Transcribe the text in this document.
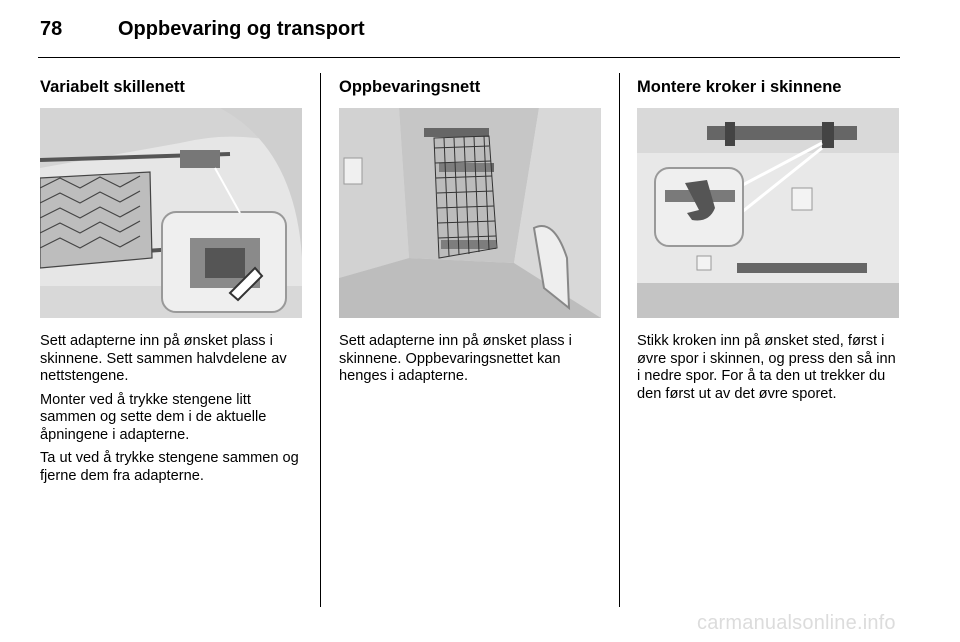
78	Oppbevaring og transport
Variabelt skillenett

Sett adapterne inn på ønsket plass i skinnene. Sett sammen halvdelene av nettstengene.

Monter ved å trykke stengene litt sammen og sette dem i de aktuelle åpningene i adapterne.

Ta ut ved å trykke stengene sammen og fjerne dem fra adapterne.

Oppbevaringsnett

Sett adapterne inn på ønsket plass i skinnene. Oppbevaringsnettet kan henges i adapterne.

Montere kroker i skinnene

Stikk kroken inn på ønsket sted, først i øvre spor i skinnen, og press den så inn i nedre spor. For å ta den ut trekker du den først ut av det øvre sporet.

carmanualsonline.info
